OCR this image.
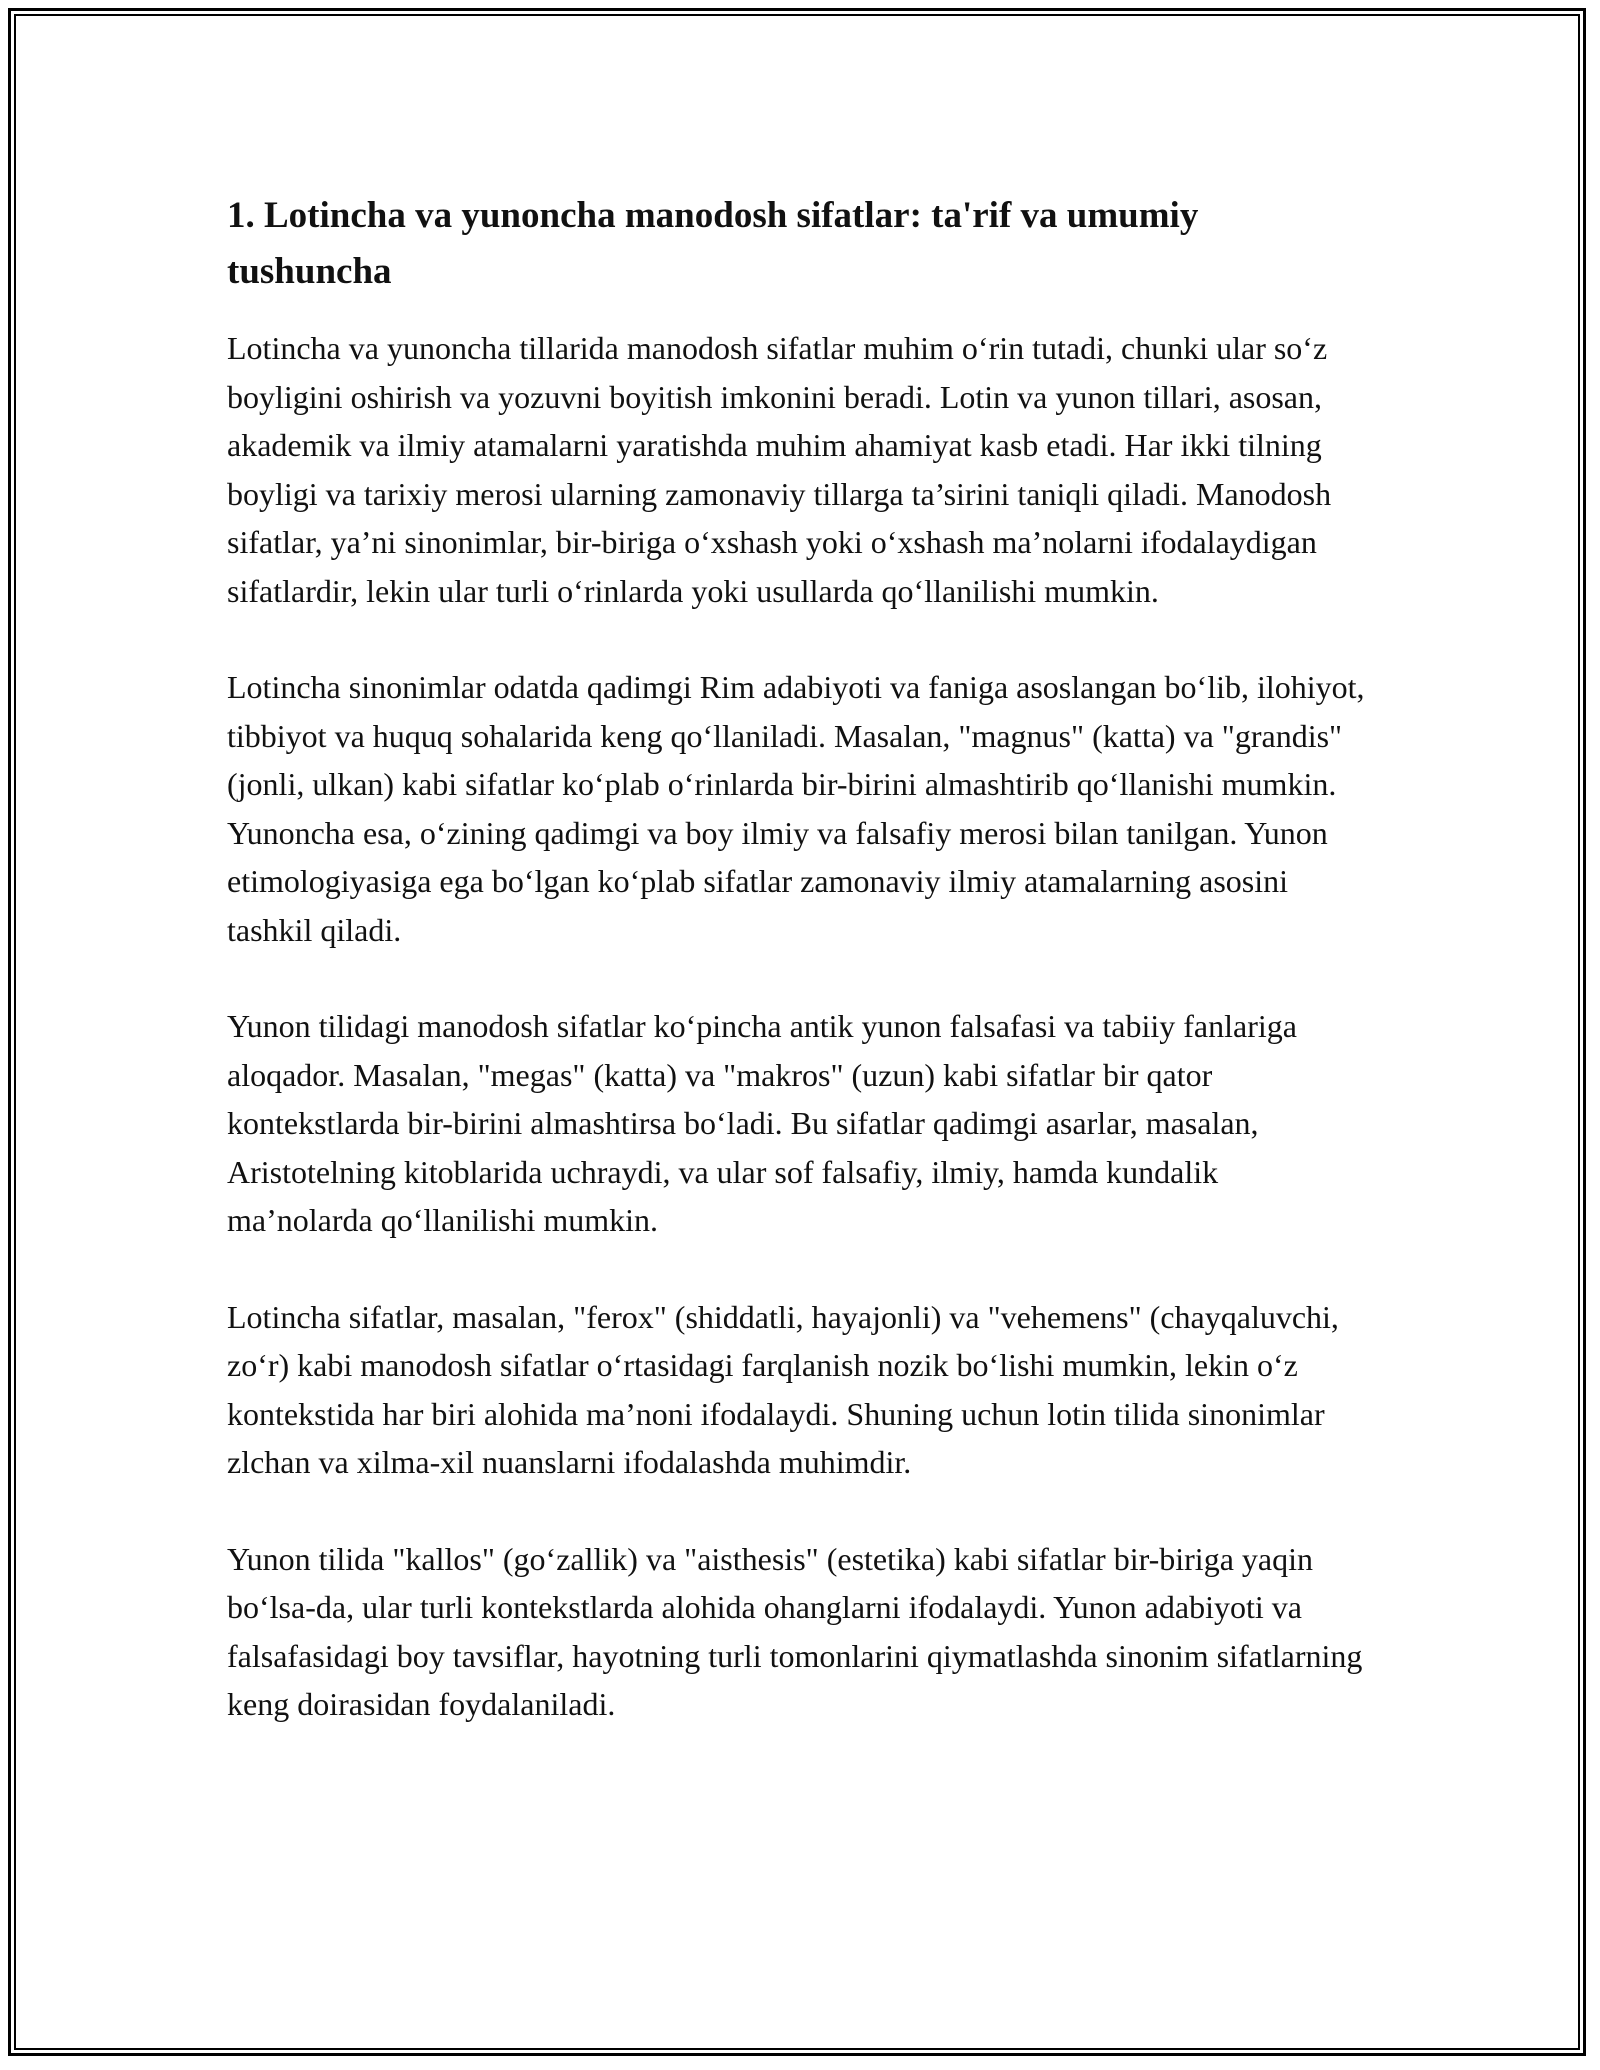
1. Lotincha va yunoncha manodosh sifatlar: ta'rif va umumiy tushuncha

Lotincha va yunoncha tillarida manodosh sifatlar muhim o‘rin tutadi, chunki ular so‘z boyligini oshirish va yozuvni boyitish imkonini beradi. Lotin va yunon tillari, asosan, akademik va ilmiy atamalarni yaratishda muhim ahamiyat kasb etadi. Har ikki tilning boyligi va tarixiy merosi ularning zamonaviy tillarga ta’sirini taniqli qiladi. Manodosh sifatlar, ya’ni sinonimlar, bir-biriga o‘xshash yoki o‘xshash ma’nolarni ifodalaydigan sifatlardir, lekin ular turli o‘rinlarda yoki usullarda qo‘llanilishi mumkin.

Lotincha sinonimlar odatda qadimgi Rim adabiyoti va faniga asoslangan bo‘lib, ilohiyot, tibbiyot va huquq sohalarida keng qo‘llaniladi. Masalan, "magnus" (katta) va "grandis" (jonli, ulkan) kabi sifatlar ko‘plab o‘rinlarda bir-birini almashtirib qo‘llanishi mumkin. Yunoncha esa, o‘zining qadimgi va boy ilmiy va falsafiy merosi bilan tanilgan. Yunon etimologiyasiga ega bo‘lgan ko‘plab sifatlar zamonaviy ilmiy atamalarning asosini tashkil qiladi.

Yunon tilidagi manodosh sifatlar ko‘pincha antik yunon falsafasi va tabiiy fanlariga aloqador. Masalan, "megas" (katta) va "makros" (uzun) kabi sifatlar bir qator kontekstlarda bir-birini almashtirsa bo‘ladi. Bu sifatlar qadimgi asarlar, masalan, Aristotelning kitoblarida uchraydi, va ular sof falsafiy, ilmiy, hamda kundalik ma’nolarda qo‘llanilishi mumkin.

Lotincha sifatlar, masalan, "ferox" (shiddatli, hayajonli) va "vehemens" (chayqaluvchi, zo‘r) kabi manodosh sifatlar o‘rtasidagi farqlanish nozik bo‘lishi mumkin, lekin o‘z kontekstida har biri alohida ma’noni ifodalaydi. Shuning uchun lotin tilida sinonimlar zlchan va xilma-xil nuanslarni ifodalashda muhimdir.

Yunon tilida "kallos" (go‘zallik) va "aisthesis" (estetika) kabi sifatlar bir-biriga yaqin bo‘lsa-da, ular turli kontekstlarda alohida ohanglarni ifodalaydi. Yunon adabiyoti va falsafasidagi boy tavsiflar, hayotning turli tomonlarini qiymatlashda sinonim sifatlarning keng doirasidan foydalaniladi.
